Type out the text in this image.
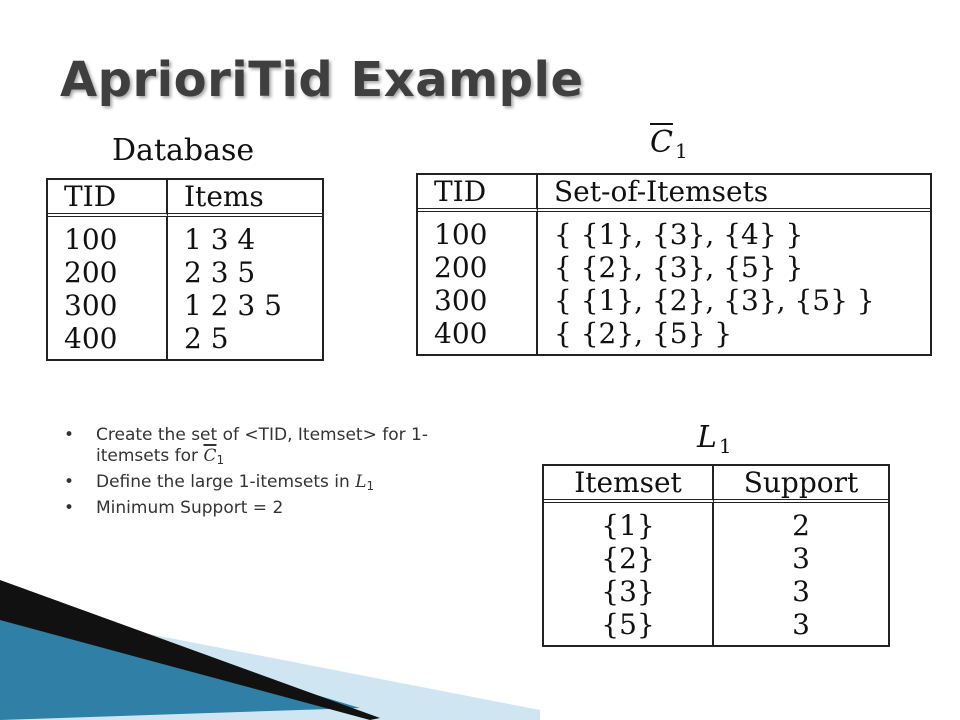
AprioriTid Example
Database
TID	Items
100	1 3 4
200	2 3 5
300	1 2 3 5
400	2 5
$\overline{C}$ $_1$
TID	Set-of-Itemsets
100	{ {1}, {3}, {4} }
200	{ {2}, {3}, {5} }
300	{ {1}, {2}, {3}, {5} }
400	{ {2}, {5} }
• Create the set of <TID, Itemset> for 1-itemsets for $\overline{C}1$
• Define the large 1-itemsets in L1
• Minimum Support = 2
L $_1$
Itemset	Support
{1}	2
{2}	3
{3}	3
{5}	3
